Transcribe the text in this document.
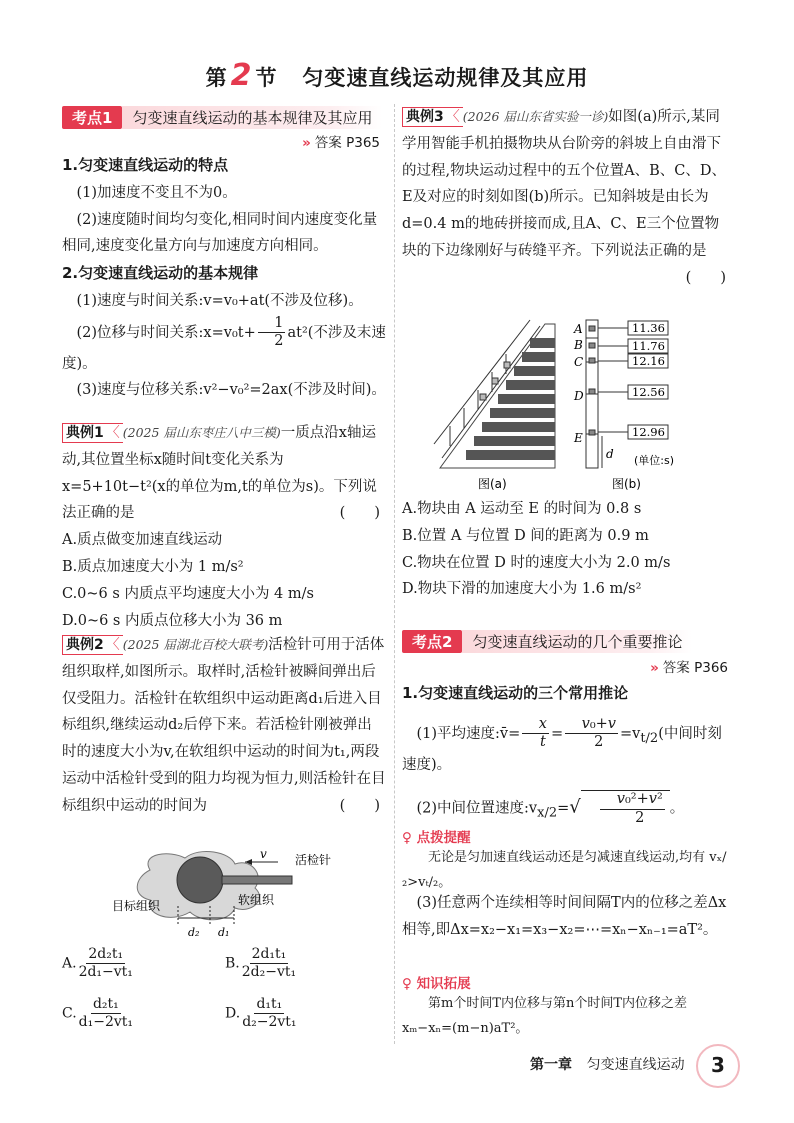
第 2 节 匀变速直线运动规律及其应用
考点1	匀变速直线运动的基本规律及其应用
» 答案 P365
1.匀变速直线运动的特点
(1)加速度不变且不为0。
(2)速度随时间均匀变化,相同时间内速度变化量相同,速度变化量方向与加速度方向相同。
2.匀变速直线运动的基本规律
(1)速度与时间关系:v=v₀+at(不涉及位移)。
(2)位移与时间关系:x=v₀t+ $\frac{1}{2} at^2$(不涉及末速度)。
(3)速度与位移关系:v²−v₀²=2ax(不涉及时间)。
典例1 〈 (2025 届山东枣庄八中三模)一质点沿x轴运动,其位置坐标x随时间t变化关系为x=5+10t−t²(x的单位为m,t的单位为s)。下列说法正确的是	(　　)
A.质点做变加速直线运动
B.质点加速度大小为 1 m/s²
C.0~6 s 内质点平均速度大小为 4 m/s
D.0~6 s 内质点位移大小为 36 m
典例2 〈 (2025 届湖北百校大联考)活检针可用于活体组织取样,如图所示。取样时,活检针被瞬间弹出后仅受阻力。活检针在软组织中运动距离d₁后进入目标组织,继续运动d₂后停下来。若活检针刚被弹出时的速度大小为v,在软组织中运动的时间为t₁,两段运动中活检针受到的阻力均视为恒力,则活检针在目标组织中运动的时间为	(　　)
v 活检针
软组织
目标组织
d₂ d₁
A. $\frac{\text{2d₂t₁}}{\text{2d₁−vt₁}}$	B. $\frac{\text{2d₁t₁}}{\text{2d₂−vt₁}}$
C. $\frac{\text{d₂t₁}}{\text{d₁−2vt₁}}$	D. $\frac{\text{d₁t₁}}{\text{d₂−2vt₁}}$
典例3 〈 (2026 届山东省实验一诊)如图(a)所示,某同学用智能手机拍摄物块从台阶旁的斜坡上自由滑下的过程,物块运动过程中的五个位置A、B、C、D、E及对应的时刻如图(b)所示。已知斜坡是由长为d=0.4 m的地砖拼接而成,且A、C、E三个位置物块的下边缘刚好与砖缝平齐。下列说法正确的是
(　　)
图(a)
A
B
C
D
E
11.36
11.76
12.16
12.56
12.96
d (单位:s)
图(b)
A.物块由 A 运动至 E 的时间为 0.8 s
B.位置 A 与位置 D 间的距离为 0.9 m
C.物块在位置 D 时的速度大小为 2.0 m/s
D.物块下滑的加速度大小为 1.6 m/s²
考点2	匀变速直线运动的几个重要推论
» 答案 P366
1.匀变速直线运动的三个常用推论
(1)平均速度:v̄= $\frac{x}{t} = \frac{\text{v₀+v}}{2} =v_{t/2}$(中间时刻速度)。
(2)中间位置速度$:v_{x/2}=√ \frac{\text{v₀²+v²}}{2}$ 。
♀ 点拨提醒
无论是匀加速直线运动还是匀减速直线运动,均有 vₓ/₂>vₜ/₂。
(3)任意两个连续相等时间间隔T内的位移之差Δx相等,即Δx=x₂−x₁=x₃−x₂=⋯=xₙ−xₙ₋₁=aT²。
♀ 知识拓展
第m个时间T内位移与第n个时间T内位移之差 xₘ−xₙ=(m−n)aT²。
第一章 匀变速直线运动	3
